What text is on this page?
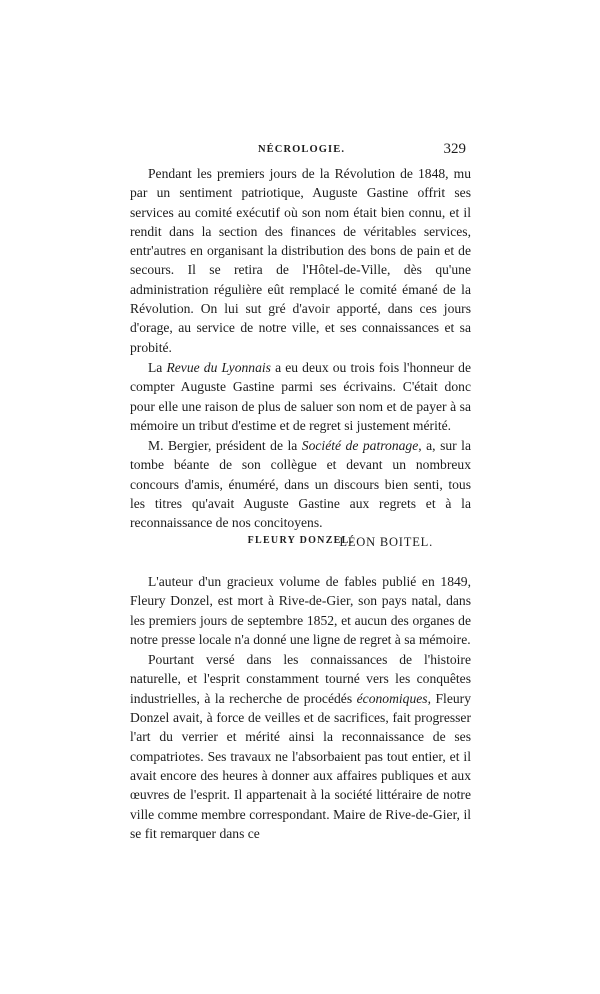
NÉCROLOGIE.	329

Pendant les premiers jours de la Révolution de 1848, mu par un sentiment patriotique, Auguste Gastine offrit ses services au comité exécutif où son nom était bien connu, et il rendit dans la section des finances de véritables services, entr'autres en organisant la distribution des bons de pain et de secours. Il se retira de l'Hôtel-de-Ville, dès qu'une administration régulière eût remplacé le comité émané de la Révolution. On lui sut gré d'avoir apporté, dans ces jours d'orage, au service de notre ville, et ses connaissances et sa probité.

La Revue du Lyonnais a eu deux ou trois fois l'honneur de compter Auguste Gastine parmi ses écrivains. C'était donc pour elle une raison de plus de saluer son nom et de payer à sa mémoire un tribut d'estime et de regret si justement mérité.

M. Bergier, président de la Société de patronage, a, sur la tombe béante de son collègue et devant un nombreux concours d'amis, énuméré, dans un discours bien senti, tous les titres qu'avait Auguste Gastine aux regrets et à la reconnaissance de nos concitoyens.

LÉON BOITEL.

FLEURY DONZEL.

L'auteur d'un gracieux volume de fables publié en 1849, Fleury Donzel, est mort à Rive-de-Gier, son pays natal, dans les premiers jours de septembre 1852, et aucun des organes de notre presse locale n'a donné une ligne de regret à sa mémoire.

Pourtant versé dans les connaissances de l'histoire naturelle, et l'esprit constamment tourné vers les conquêtes industrielles, à la recherche de procédés économiques, Fleury Donzel avait, à force de veilles et de sacrifices, fait progresser l'art du verrier et mérité ainsi la reconnaissance de ses compatriotes. Ses travaux ne l'absorbaient pas tout entier, et il avait encore des heures à donner aux affaires publiques et aux œuvres de l'esprit. Il appartenait à la société littéraire de notre ville comme membre correspondant. Maire de Rive-de-Gier, il se fit remarquer dans ce
